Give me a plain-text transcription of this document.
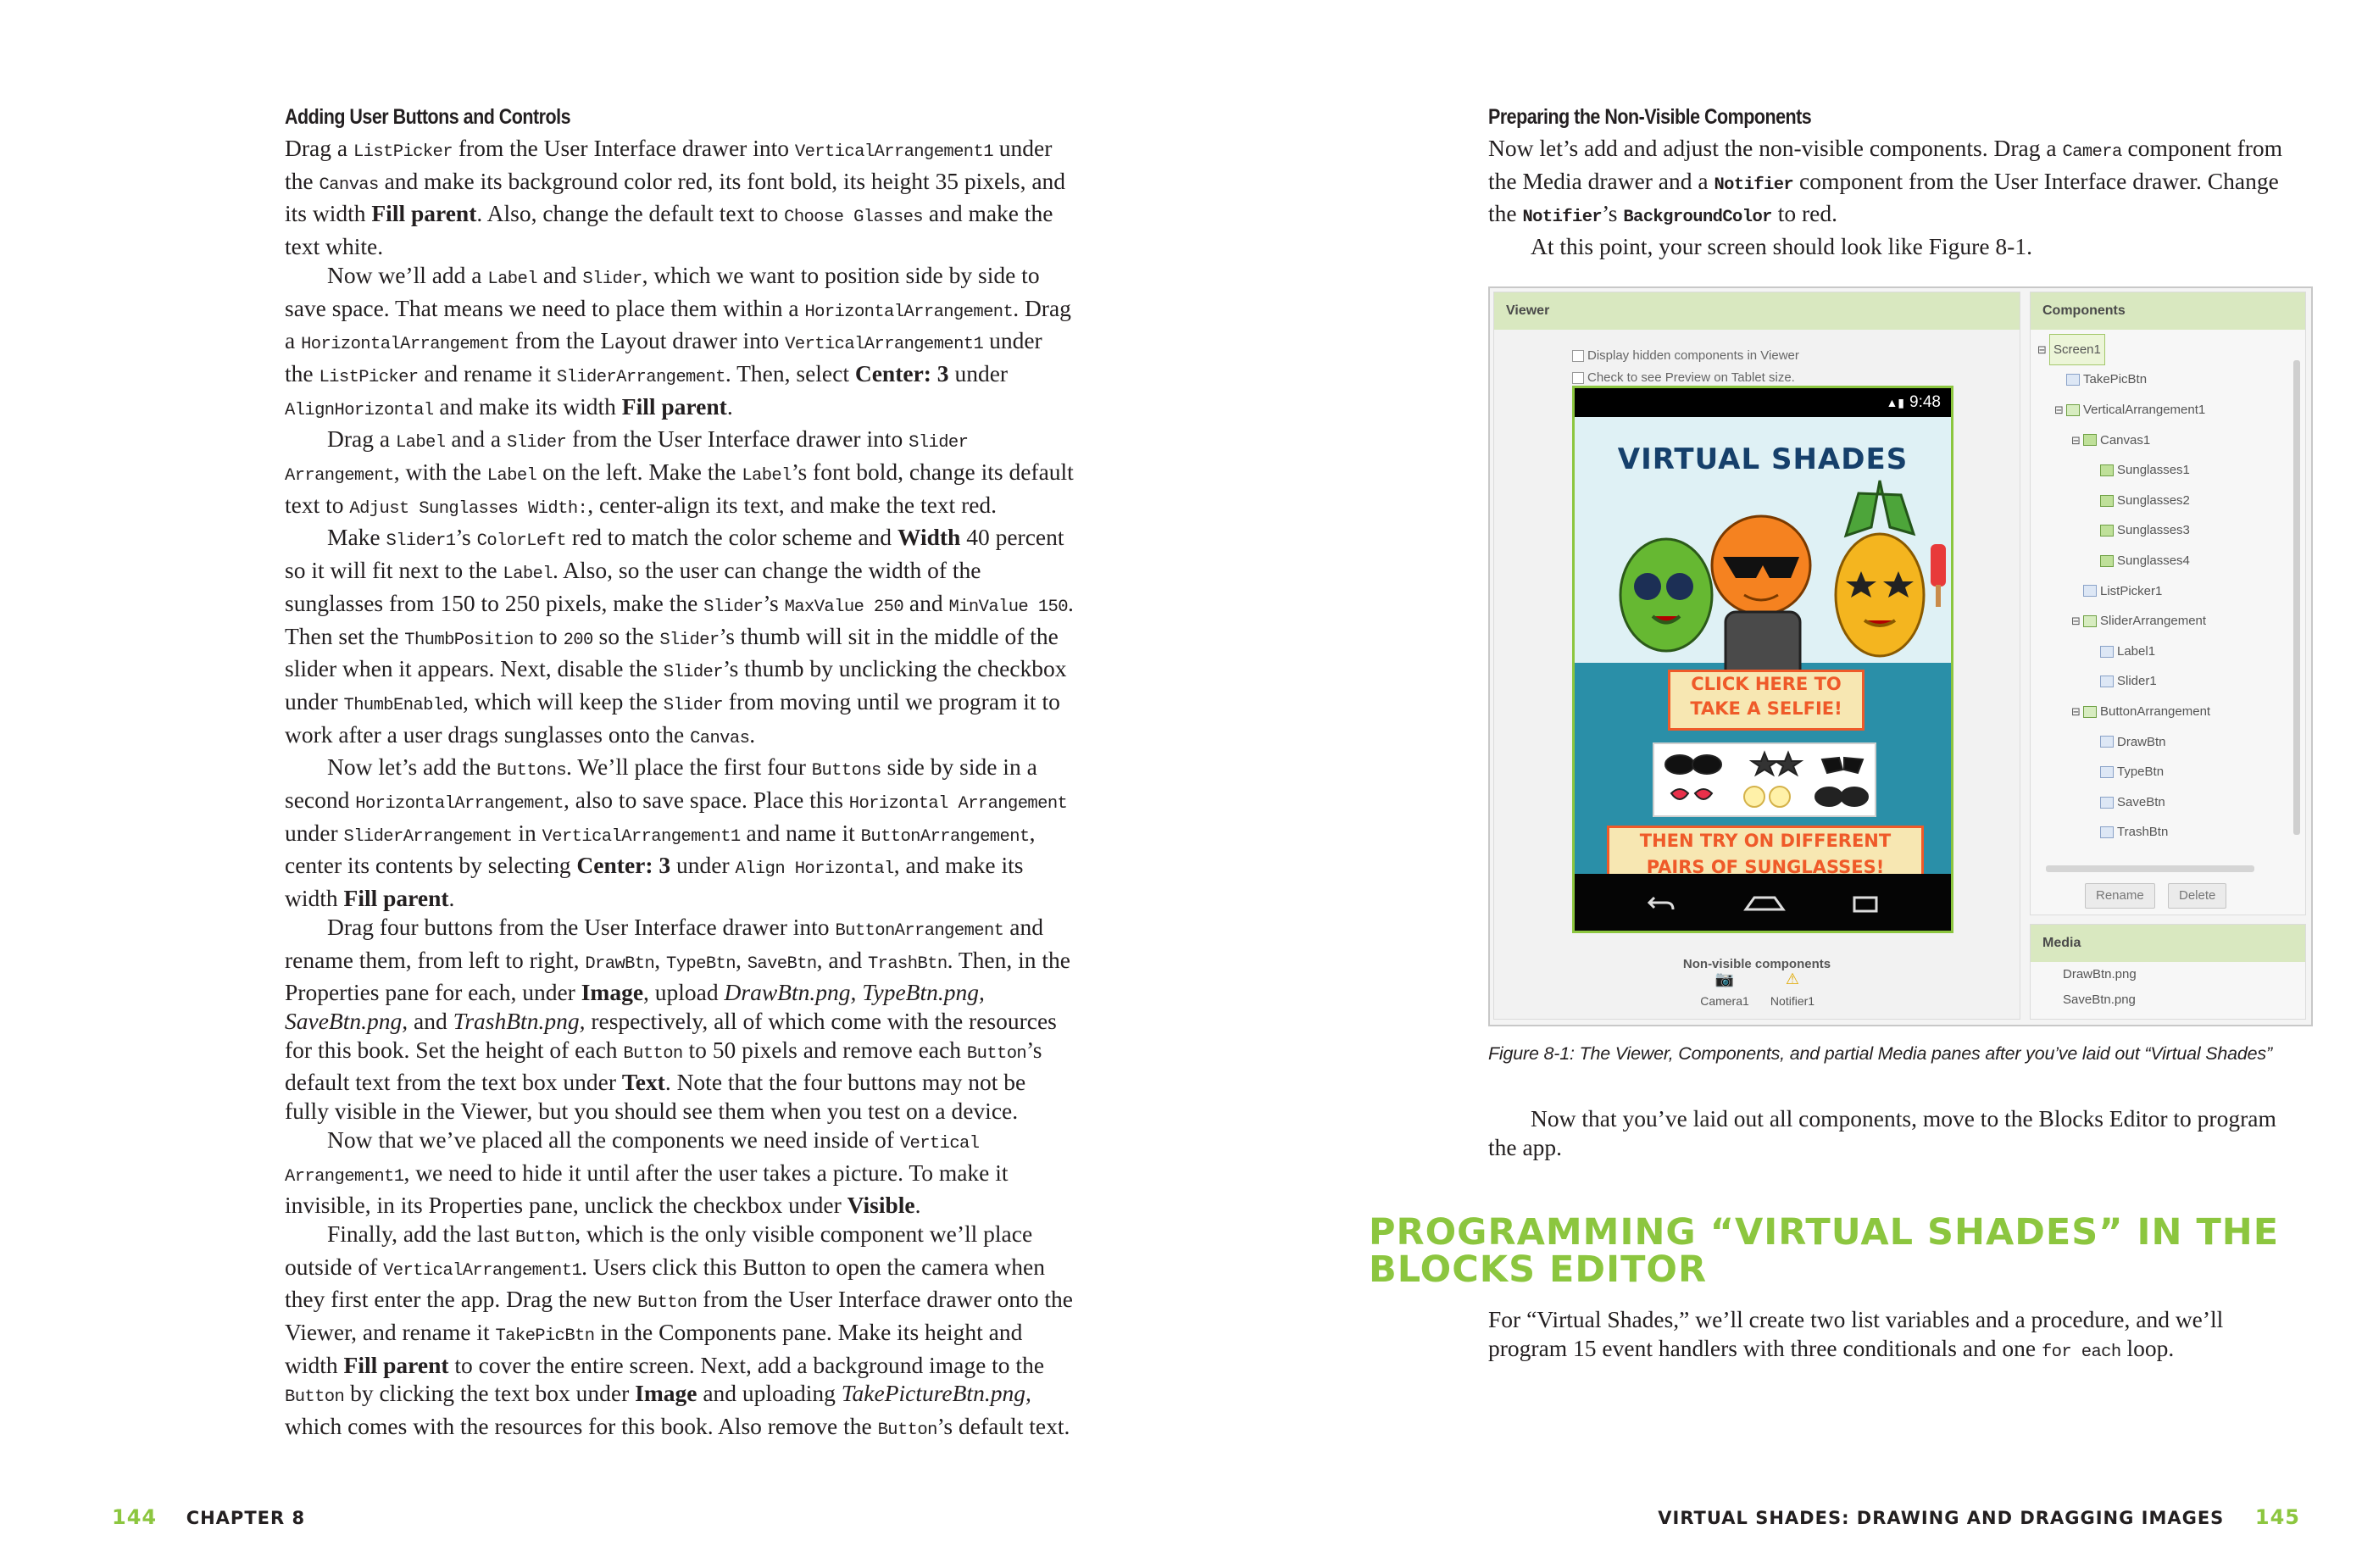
Adding User Buttons and Controls

Drag a ListPicker from the User Interface drawer into VerticalArrangement1 under the Canvas and make its background color red, its font bold, its height 35 pixels, and its width Fill parent. Also, change the default text to Choose Glasses and make the text white.

Now we’ll add a Label and Slider, which we want to position side by side to save space. That means we need to place them within a HorizontalArrangement. Drag a HorizontalArrangement from the Layout drawer into VerticalArrangement1 under the ListPicker and rename it SliderArrangement. Then, select Center: 3 under AlignHorizontal and make its width Fill parent.

Drag a Label and a Slider from the User Interface drawer into Slider Arrangement, with the Label on the left. Make the Label’s font bold, change its default text to Adjust Sunglasses Width:, center-align its text, and make the text red.

Make Slider1’s ColorLeft red to match the color scheme and Width 40 percent so it will fit next to the Label. Also, so the user can change the width of the sunglasses from 150 to 250 pixels, make the Slider’s MaxValue 250 and MinValue 150. Then set the ThumbPosition to 200 so the Slider’s thumb will sit in the middle of the slider when it appears. Next, disable the Slider’s thumb by unclicking the checkbox under ThumbEnabled, which will keep the Slider from moving until we program it to work after a user drags sunglasses onto the Canvas.

Now let’s add the Buttons. We’ll place the first four Buttons side by side in a second HorizontalArrangement, also to save space. Place this Horizontal Arrangement under SliderArrangement in VerticalArrangement1 and name it ButtonArrangement, center its contents by selecting Center: 3 under Align Horizontal, and make its width Fill parent.

Drag four buttons from the User Interface drawer into ButtonArrangement and rename them, from left to right, DrawBtn, TypeBtn, SaveBtn, and TrashBtn. Then, in the Properties pane for each, under Image, upload DrawBtn.png, TypeBtn.png, SaveBtn.png, and TrashBtn.png, respectively, all of which come with the resources for this book. Set the height of each Button to 50 pixels and remove each Button’s default text from the text box under Text. Note that the four buttons may not be fully visible in the Viewer, but you should see them when you test on a device.

Now that we’ve placed all the components we need inside of Vertical Arrangement1, we need to hide it until after the user takes a picture. To make it invisible, in its Properties pane, unclick the checkbox under Visible.

Finally, add the last Button, which is the only visible component we’ll place outside of VerticalArrangement1. Users click this Button to open the camera when they first enter the app. Drag the new Button from the User Interface drawer onto the Viewer, and rename it TakePicBtn in the Components pane. Make its height and width Fill parent to cover the entire screen. Next, add a background image to the Button by clicking the text box under Image and uploading TakePictureBtn.png, which comes with the resources for this book. Also remove the Button’s default text.

144 CHAPTER 8
Preparing the Non-Visible Components

Now let’s add and adjust the non-visible components. Drag a Camera component from the Media drawer and a Notifier component from the User Interface drawer. Change the Notifier’s BackgroundColor to red.

At this point, your screen should look like Figure 8-1.

Viewer
Display hidden components in Viewer
Check to see Preview on Tablet size.
▲▮ 9:48
VIRTUAL SHADES
CLICK HERE TO
TAKE A SELFIE!
THEN TRY ON DIFFERENT
PAIRS OF SUNGLASSES!
Non-visible components
📷
Camera1
⚠
Notifier1
Components
⊟ Screen1
TakePicBtn
⊟ VerticalArrangement1
⊟ Canvas1
Sunglasses1
Sunglasses2
Sunglasses3
Sunglasses4
ListPicker1
⊟ SliderArrangement
Label1
Slider1
⊟ ButtonArrangement
DrawBtn
TypeBtn
SaveBtn
TrashBtn
Rename	Delete
Media
DrawBtn.png
SaveBtn.png

Figure 8-1: The Viewer, Components, and partial Media panes after you’ve laid out “Virtual Shades”

Now that you’ve laid out all components, move to the Blocks Editor to program the app.

PROGRAMMING “VIRTUAL SHADES” IN THE BLOCKS EDITOR

For “Virtual Shades,” we’ll create two list variables and a procedure, and we’ll program 15 event handlers with three conditionals and one for each loop.

VIRTUAL SHADES: DRAWING AND DRAGGING IMAGES 145
